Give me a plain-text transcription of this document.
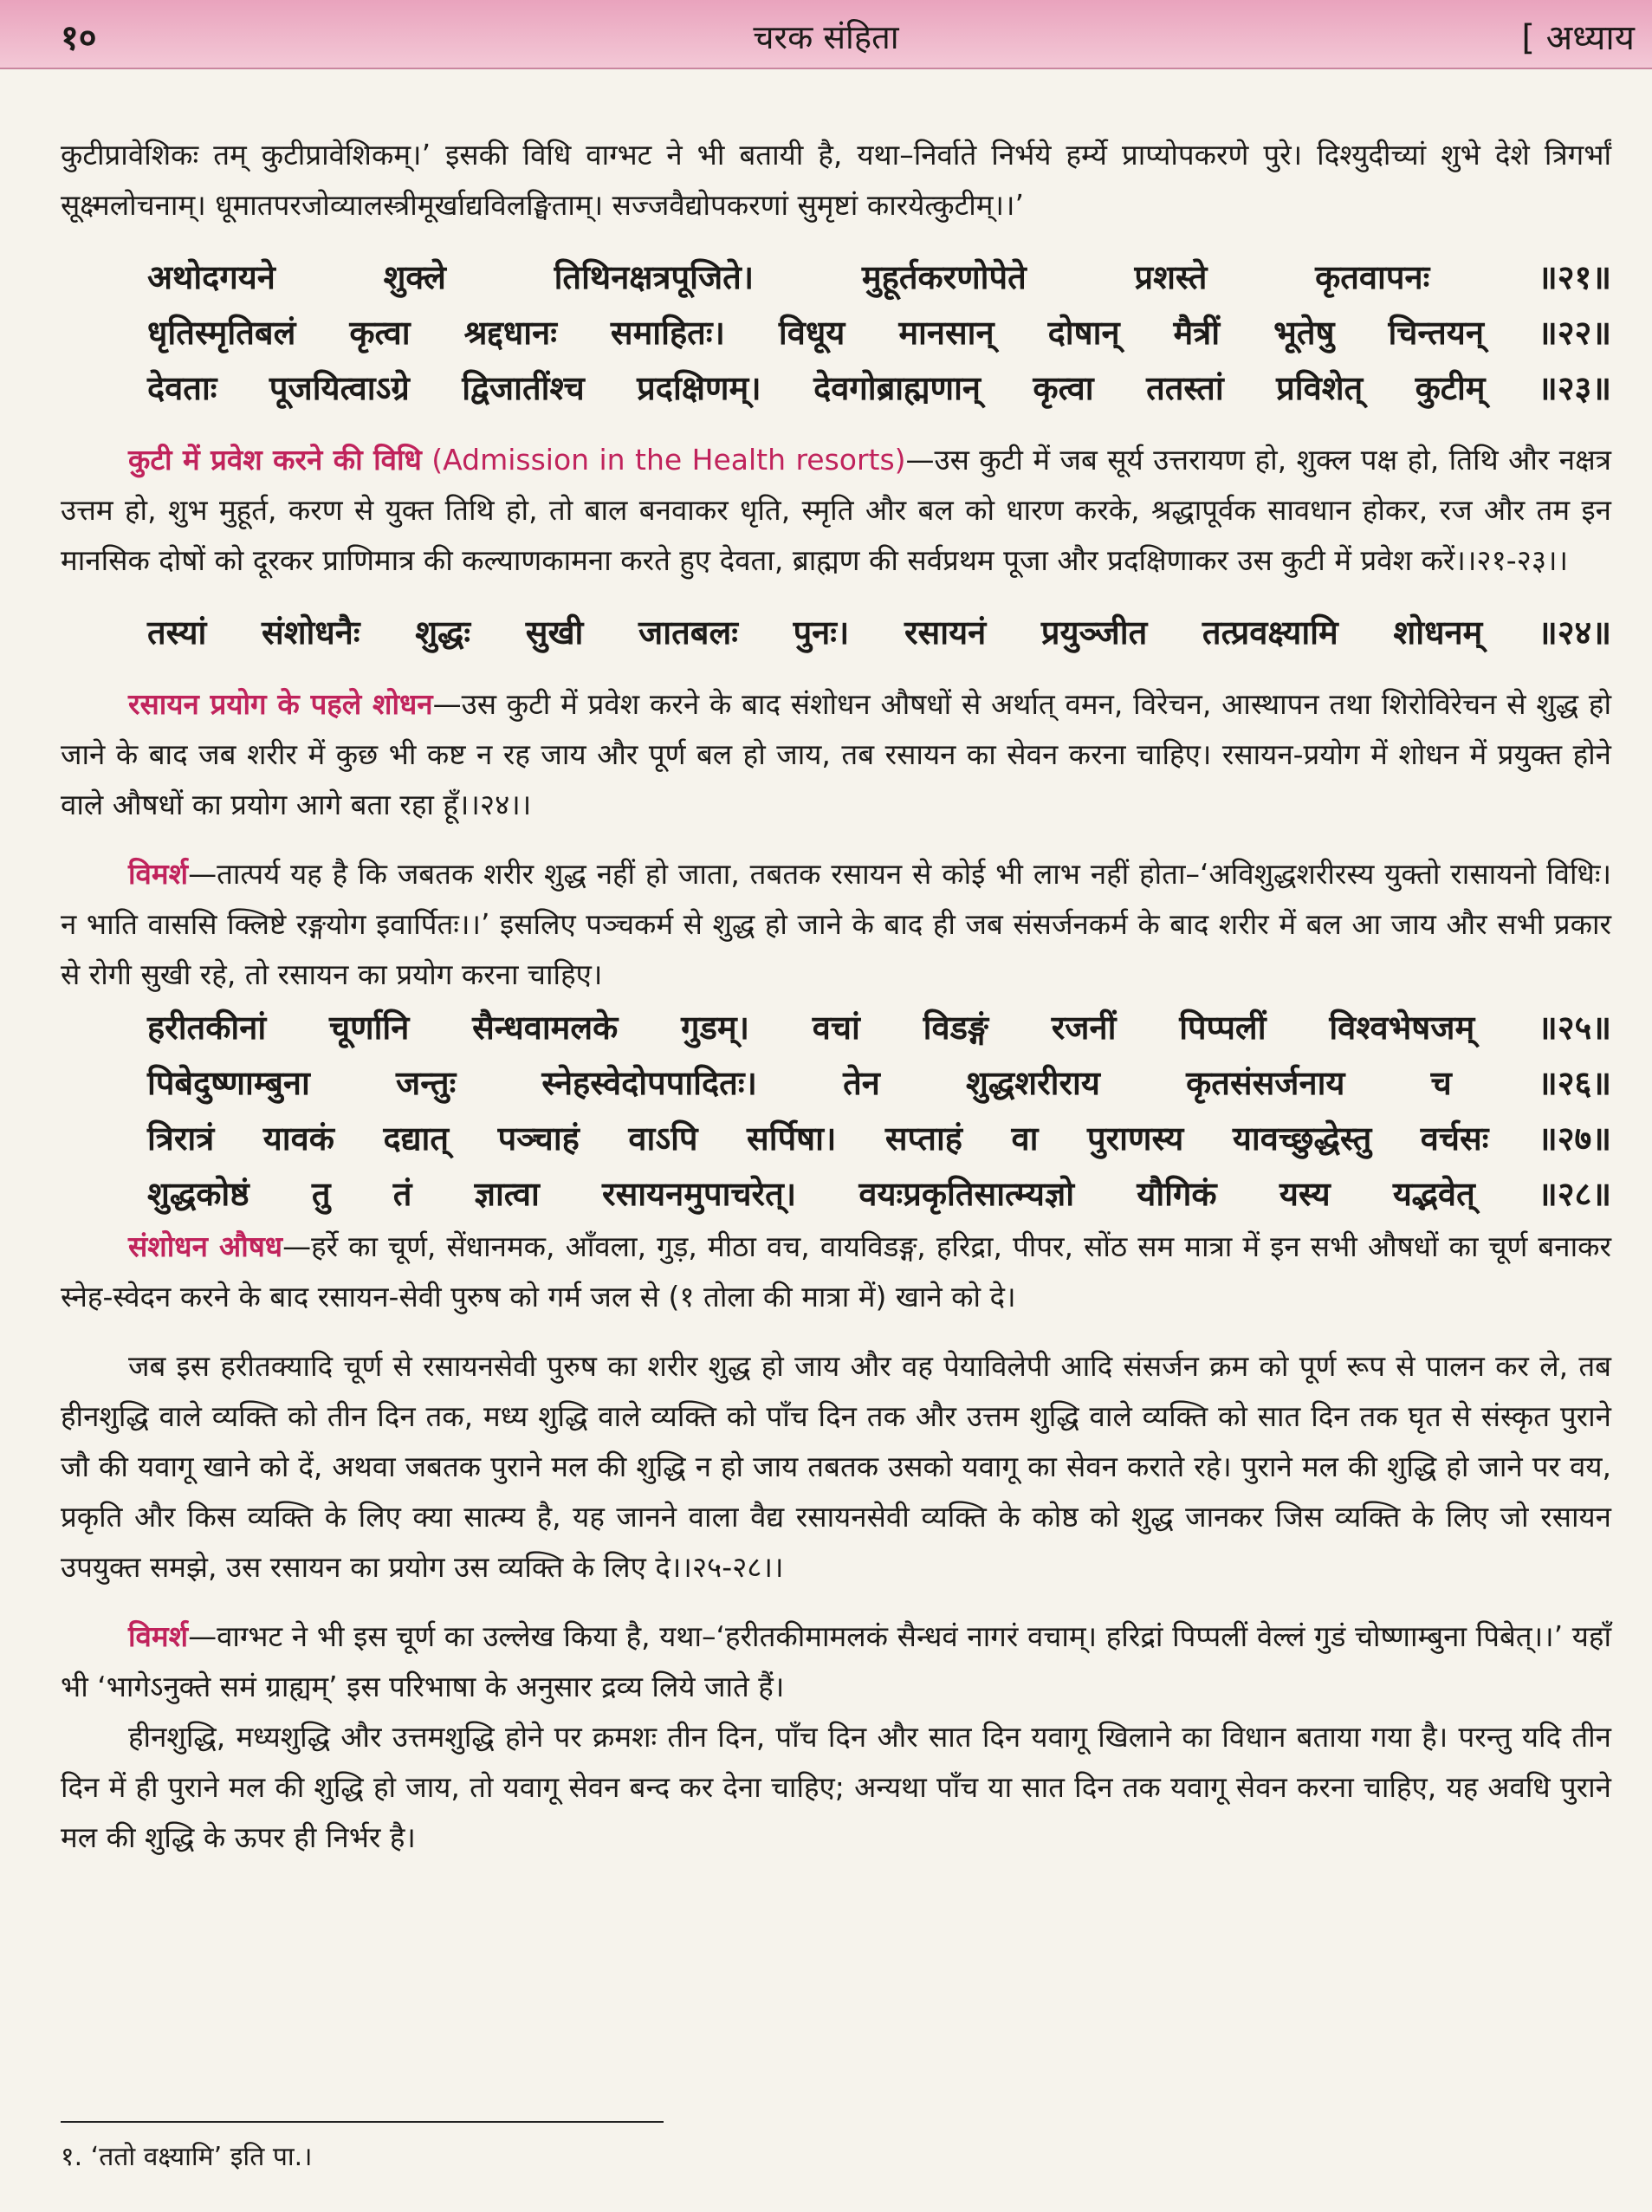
१०	चरक संहिता	[ अध्याय

कुटीप्रावेशिकः तम् कुटीप्रावेशिकम्।’ इसकी विधि वाग्भट ने भी बतायी है, यथा–निर्वाते निर्भये हर्म्ये प्राप्योपकरणे पुरे। दिश्युदीच्यां शुभे देशे त्रिगर्भां सूक्ष्मलोचनाम्। धूमातपरजोव्यालस्त्रीमूर्खाद्यविलङ्घिताम्। सज्जवैद्योपकरणां सुमृष्टां कारयेत्कुटीम्।।’

अथोदगयने शुक्ले तिथिनक्षत्रपूजिते। मुहूर्तकरणोपेते प्रशस्ते कृतवापनः ॥२१॥

धृतिस्मृतिबलं कृत्वा श्रद्दधानः समाहितः। विधूय मानसान् दोषान् मैत्रीं भूतेषु चिन्तयन् ॥२२॥

देवताः पूजयित्वाऽग्रे द्विजातींश्च प्रदक्षिणम्। देवगोब्राह्मणान् कृत्वा ततस्तां प्रविशेत् कुटीम् ॥२३॥

कुटी में प्रवेश करने की विधि (Admission in the Health resorts)—उस कुटी में जब सूर्य उत्तरायण हो, शुक्ल पक्ष हो, तिथि और नक्षत्र उत्तम हो, शुभ मुहूर्त, करण से युक्त तिथि हो, तो बाल बनवाकर धृति, स्मृति और बल को धारण करके, श्रद्धापूर्वक सावधान होकर, रज और तम इन मानसिक दोषों को दूरकर प्राणिमात्र की कल्याणकामना करते हुए देवता, ब्राह्मण की सर्वप्रथम पूजा और प्रदक्षिणाकर उस कुटी में प्रवेश करें।।२१-२३।।

तस्यां संशोधनैः शुद्धः सुखी जातबलः पुनः। रसायनं प्रयुञ्जीत तत्प्रवक्ष्यामि शोधनम् ॥२४॥

रसायन प्रयोग के पहले शोधन—उस कुटी में प्रवेश करने के बाद संशोधन औषधों से अर्थात् वमन, विरेचन, आस्थापन तथा शिरोविरेचन से शुद्ध हो जाने के बाद जब शरीर में कुछ भी कष्ट न रह जाय और पूर्ण बल हो जाय, तब रसायन का सेवन करना चाहिए। रसायन-प्रयोग में शोधन में प्रयुक्त होने वाले औषधों का प्रयोग आगे बता रहा हूँ।।२४।।

विमर्श—तात्पर्य यह है कि जबतक शरीर शुद्ध नहीं हो जाता, तबतक रसायन से कोई भी लाभ नहीं होता–‘अविशुद्धशरीरस्य युक्तो रासायनो विधिः। न भाति वाससि क्लिष्टे रङ्गयोग इवार्पितः।।’ इसलिए पञ्चकर्म से शुद्ध हो जाने के बाद ही जब संसर्जनकर्म के बाद शरीर में बल आ जाय और सभी प्रकार से रोगी सुखी रहे, तो रसायन का प्रयोग करना चाहिए।

हरीतकीनां चूर्णानि सैन्धवामलके गुडम्। वचां विडङ्गं रजनीं पिप्पलीं विश्वभेषजम् ॥२५॥

पिबेदुष्णाम्बुना जन्तुः स्नेहस्वेदोपपादितः। तेन शुद्धशरीराय कृतसंसर्जनाय च ॥२६॥

त्रिरात्रं यावकं दद्यात् पञ्चाहं वाऽपि सर्पिषा। सप्ताहं वा पुराणस्य यावच्छुद्धेस्तु वर्चसः ॥२७॥

शुद्धकोष्ठं तु तं ज्ञात्वा रसायनमुपाचरेत्। वयःप्रकृतिसात्म्यज्ञो यौगिकं यस्य यद्भवेत् ॥२८॥

संशोधन औषध—हर्रे का चूर्ण, सेंधानमक, आँवला, गुड़, मीठा वच, वायविडङ्ग, हरिद्रा, पीपर, सोंठ सम मात्रा में इन सभी औषधों का चूर्ण बनाकर स्नेह-स्वेदन करने के बाद रसायन-सेवी पुरुष को गर्म जल से (१ तोला की मात्रा में) खाने को दे।

जब इस हरीतक्यादि चूर्ण से रसायनसेवी पुरुष का शरीर शुद्ध हो जाय और वह पेयाविलेपी आदि संसर्जन क्रम को पूर्ण रूप से पालन कर ले, तब हीनशुद्धि वाले व्यक्ति को तीन दिन तक, मध्य शुद्धि वाले व्यक्ति को पाँच दिन तक और उत्तम शुद्धि वाले व्यक्ति को सात दिन तक घृत से संस्कृत पुराने जौ की यवागू खाने को दें, अथवा जबतक पुराने मल की शुद्धि न हो जाय तबतक उसको यवागू का सेवन कराते रहे। पुराने मल की शुद्धि हो जाने पर वय, प्रकृति और किस व्यक्ति के लिए क्या सात्म्य है, यह जानने वाला वैद्य रसायनसेवी व्यक्ति के कोष्ठ को शुद्ध जानकर जिस व्यक्ति के लिए जो रसायन उपयुक्त समझे, उस रसायन का प्रयोग उस व्यक्ति के लिए दे।।२५-२८।।

विमर्श—वाग्भट ने भी इस चूर्ण का उल्लेख किया है, यथा–‘हरीतकीमामलकं सैन्धवं नागरं वचाम्। हरिद्रां पिप्पलीं वेल्लं गुडं चोष्णाम्बुना पिबेत्।।’ यहाँ भी ‘भागेऽनुक्ते समं ग्राह्यम्’ इस परिभाषा के अनुसार द्रव्य लिये जाते हैं।

हीनशुद्धि, मध्यशुद्धि और उत्तमशुद्धि होने पर क्रमशः तीन दिन, पाँच दिन और सात दिन यवागू खिलाने का विधान बताया गया है। परन्तु यदि तीन दिन में ही पुराने मल की शुद्धि हो जाय, तो यवागू सेवन बन्द कर देना चाहिए; अन्यथा पाँच या सात दिन तक यवागू सेवन करना चाहिए, यह अवधि पुराने मल की शुद्धि के ऊपर ही निर्भर है।

१. ‘ततो वक्ष्यामि’ इति पा.।
